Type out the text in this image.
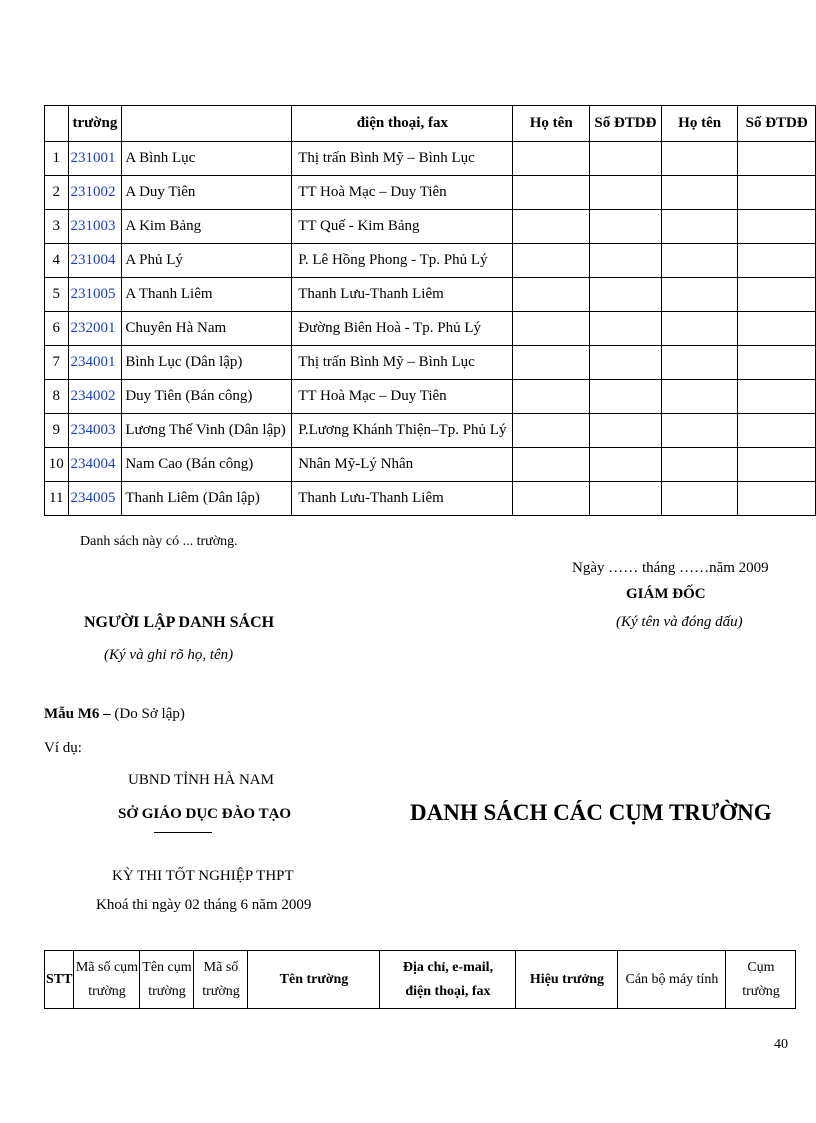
	trường		điện thoại, fax	Họ tên	Số ĐTDĐ	Họ tên	Số ĐTDĐ
1	231001	A Bình Lục	Thị trấn Bình Mỹ – Bình Lục				
2	231002	A Duy Tiên	TT Hoà Mạc – Duy Tiên				
3	231003	A Kim Bảng	TT Quế - Kim Bảng				
4	231004	A Phủ Lý	P. Lê Hồng Phong - Tp. Phủ Lý				
5	231005	A Thanh Liêm	Thanh Lưu-Thanh Liêm				
6	232001	Chuyên Hà Nam	Đường Biên Hoà - Tp. Phủ Lý				
7	234001	Bình Lục (Dân lập)	Thị trấn Bình Mỹ – Bình Lục				
8	234002	Duy Tiên (Bán công)	TT Hoà Mạc – Duy Tiên				
9	234003	Lương Thế Vinh (Dân lập)	P.Lương Khánh Thiện–Tp. Phủ Lý				
10	234004	Nam Cao (Bán công)	Nhân Mỹ-Lý Nhân				
11	234005	Thanh Liêm (Dân lập)	Thanh Lưu-Thanh Liêm				
Danh sách này có ... trường.
Ngày …… tháng ……năm 2009
GIÁM ĐỐC
(Ký tên và đóng dấu)
NGƯỜI LẬP DANH SÁCH
(Ký và ghi rõ họ, tên)
Mẫu M6 – (Do Sở lập)
Ví dụ:
UBND TỈNH HÀ NAM
SỞ GIÁO DỤC ĐÀO TẠO	DANH SÁCH CÁC CỤM TRƯỜNG
KỲ THI TỐT NGHIỆP THPT
Khoá thi ngày 02 tháng 6 năm 2009
STT	Mã số cụm
trường	Tên cụm
trường	Mã số
trường	Tên trường	Địa chỉ, e-mail,
điện thoại, fax	Hiệu trưởng	Cán bộ máy tính	Cụm
trường
40
